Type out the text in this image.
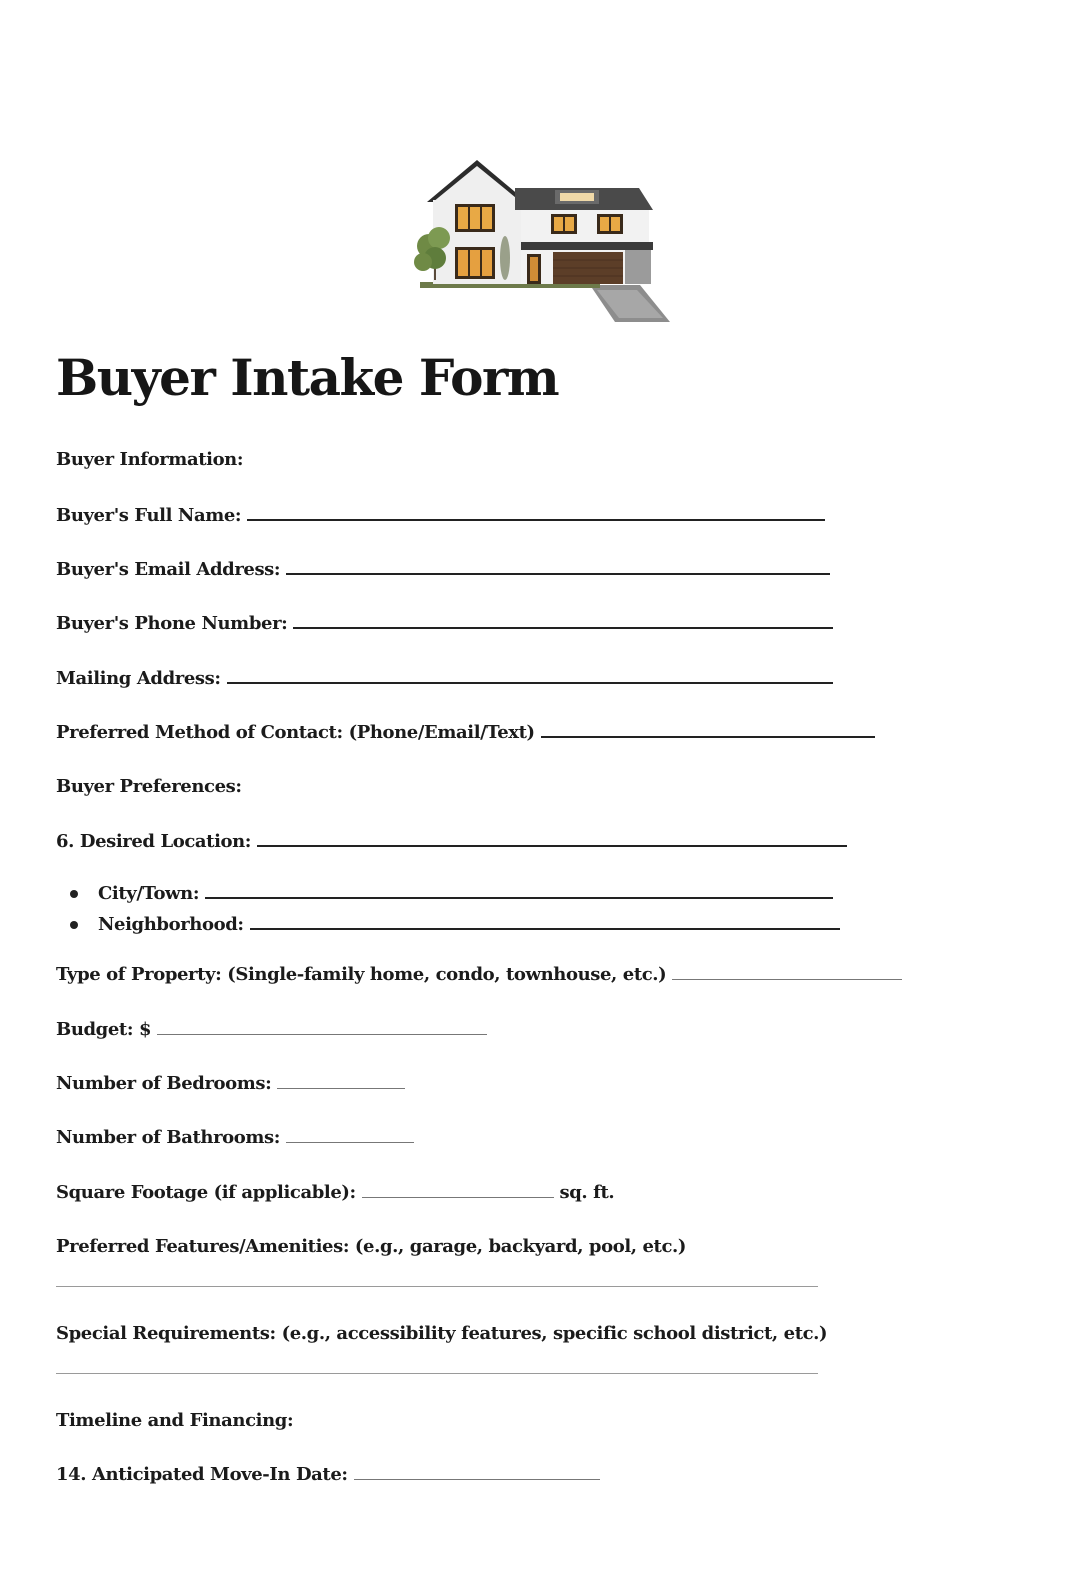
Buyer Intake Form
Buyer Information:
Buyer's Full Name:
Buyer's Email Address:
Buyer's Phone Number:
Mailing Address:
Preferred Method of Contact: (Phone/Email/Text)
Buyer Preferences:
6. Desired Location:
City/Town:
Neighborhood:
Type of Property: (Single-family home, condo, townhouse, etc.)
Budget: $
Number of Bedrooms:
Number of Bathrooms:
Square Footage (if applicable):	sq. ft.
Preferred Features/Amenities: (e.g., garage, backyard, pool, etc.)
Special Requirements: (e.g., accessibility features, specific school district, etc.)
Timeline and Financing:
14. Anticipated Move-In Date:
